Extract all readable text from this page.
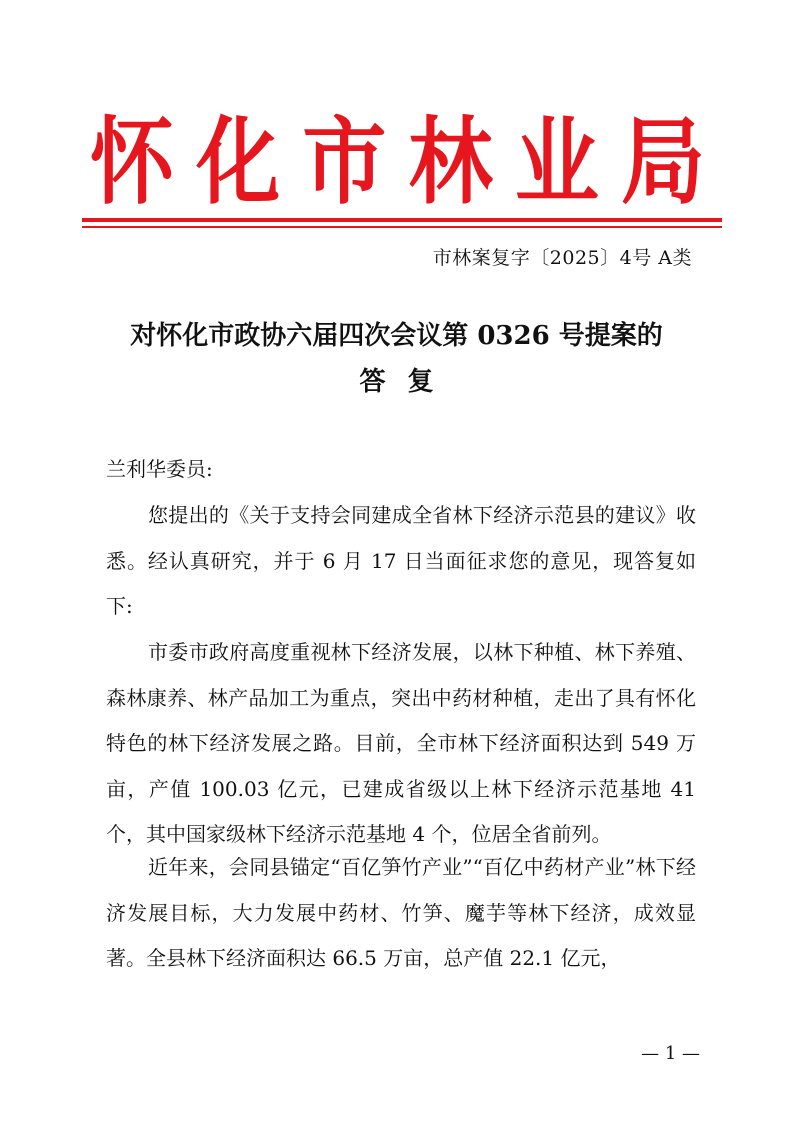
怀 化 市 林 业 局
市林案复字〔2025〕4号 A类
对怀化市政协六届四次会议第 0326 号提案的
答复
兰利华委员:

您提出的《关于支持会同建成全省林下经济示范县的建议》收悉。经认真研究，并于 6 月 17 日当面征求您的意见，现答复如下:

市委市政府高度重视林下经济发展，以林下种植、林下养殖、森林康养、林产品加工为重点，突出中药材种植，走出了具有怀化特色的林下经济发展之路。目前，全市林下经济面积达到 549 万亩，产值 100.03 亿元，已建成省级以上林下经济示范基地 41 个，其中国家级林下经济示范基地 4 个，位居全省前列。

近年来，会同县锚定“百亿笋竹产业”“百亿中药材产业”林下经济发展目标，大力发展中药材、竹笋、魔芋等林下经济，成效显著。全县林下经济面积达 66.5 万亩，总产值 22.1 亿元，

— 1 —
